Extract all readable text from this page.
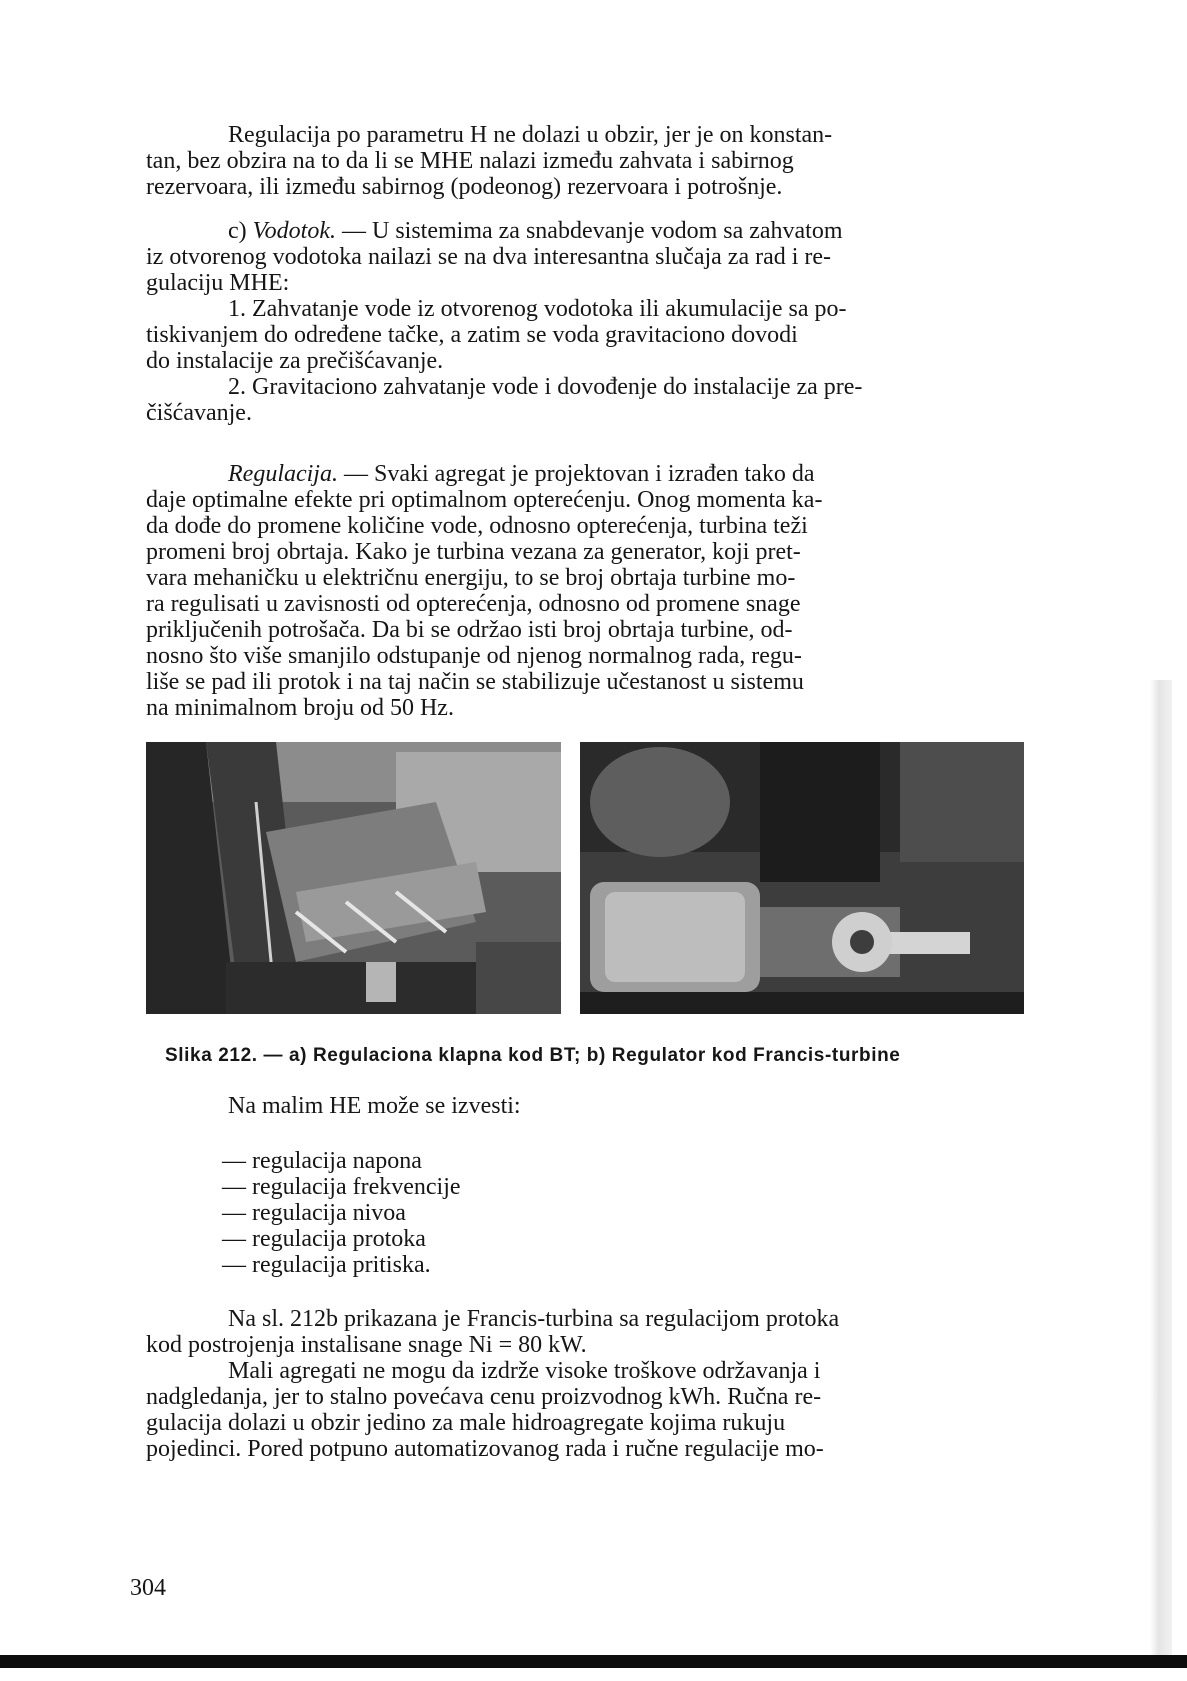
Regulacija po parametru H ne dolazi u obzir, jer je on konstan-
tan, bez obzira na to da li se MHE nalazi između zahvata i sabirnog
rezervoara, ili između sabirnog (podeonog) rezervoara i potrošnje.

c) Vodotok. — U sistemima za snabdevanje vodom sa zahvatom
iz otvorenog vodotoka nailazi se na dva interesantna slučaja za rad i re-
gulaciju MHE:

1. Zahvatanje vode iz otvorenog vodotoka ili akumulacije sa po-
tiskivanjem do određene tačke, a zatim se voda gravitaciono dovodi
do instalacije za prečišćavanje.

2. Gravitaciono zahvatanje vode i dovođenje do instalacije za pre-
čišćavanje.

Regulacija. — Svaki agregat je projektovan i izrađen tako da
daje optimalne efekte pri optimalnom opterećenju. Onog momenta ka-
da dođe do promene količine vode, odnosno opterećenja, turbina teži
promeni broj obrtaja. Kako je turbina vezana za generator, koji pret-
vara mehaničku u električnu energiju, to se broj obrtaja turbine mo-
ra regulisati u zavisnosti od opterećenja, odnosno od promene snage
priključenih potrošača. Da bi se održao isti broj obrtaja turbine, od-
nosno što više smanjilo odstupanje od njenog normalnog rada, regu-
liše se pad ili protok i na taj način se stabilizuje učestanost u sistemu
na minimalnom broju od 50 Hz.

Slika 212. — a) Regulaciona klapna kod BT; b) Regulator kod Francis-turbine

Na malim HE može se izvesti:

— regulacija napona
— regulacija frekvencije
— regulacija nivoa
— regulacija protoka
— regulacija pritiska.

Na sl. 212b prikazana je Francis-turbina sa regulacijom protoka
kod postrojenja instalisane snage Ni = 80 kW.

Mali agregati ne mogu da izdrže visoke troškove održavanja i
nadgledanja, jer to stalno povećava cenu proizvodnog kWh. Ručna re-
gulacija dolazi u obzir jedino za male hidroagregate kojima rukuju
pojedinci. Pored potpuno automatizovanog rada i ručne regulacije mo-

304
